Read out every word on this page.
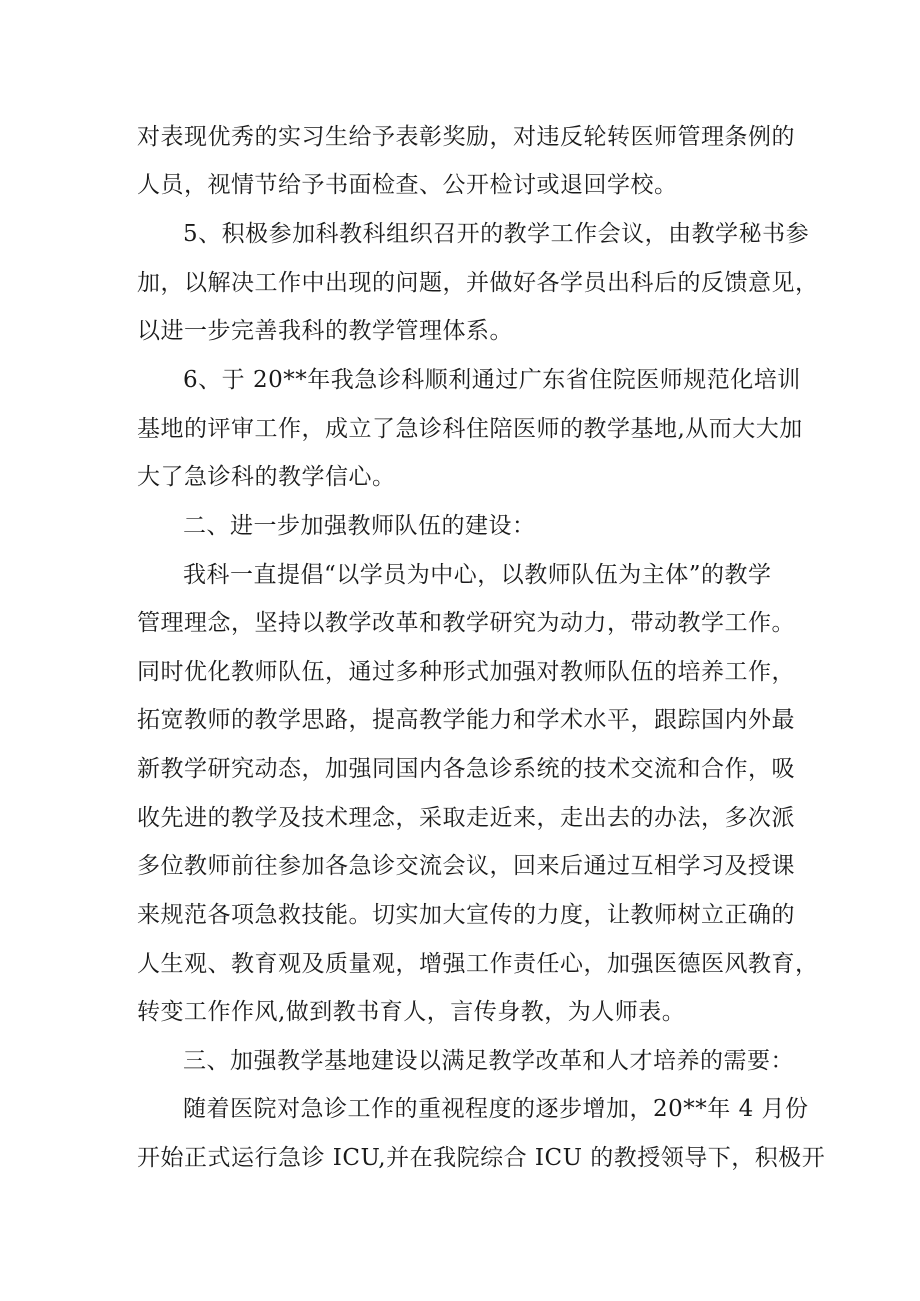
对表现优秀的实习生给予表彰奖励，对违反轮转医师管理条例的

人员，视情节给予书面检查、公开检讨或退回学校。

5、积极参加科教科组织召开的教学工作会议，由教学秘书参

加，以解决工作中出现的问题，并做好各学员出科后的反馈意见，

以进一步完善我科的教学管理体系。

6、于 20**年我急诊科顺利通过广东省住院医师规范化培训

基地的评审工作，成立了急诊科住陪医师的教学基地,从而大大加

大了急诊科的教学信心。

二、进一步加强教师队伍的建设：

我科一直提倡“以学员为中心，以教师队伍为主体”的教学

管理理念，坚持以教学改革和教学研究为动力，带动教学工作。

同时优化教师队伍，通过多种形式加强对教师队伍的培养工作，

拓宽教师的教学思路，提高教学能力和学术水平，跟踪国内外最

新教学研究动态，加强同国内各急诊系统的技术交流和合作，吸

收先进的教学及技术理念，采取走近来，走出去的办法，多次派

多位教师前往参加各急诊交流会议，回来后通过互相学习及授课

来规范各项急救技能。切实加大宣传的力度，让教师树立正确的

人生观、教育观及质量观，增强工作责任心，加强医德医风教育，

转变工作作风,做到教书育人，言传身教，为人师表。

三、加强教学基地建设以满足教学改革和人才培养的需要：

随着医院对急诊工作的重视程度的逐步增加，20**年 4 月份

开始正式运行急诊 ICU,并在我院综合 ICU 的教授领导下，积极开
